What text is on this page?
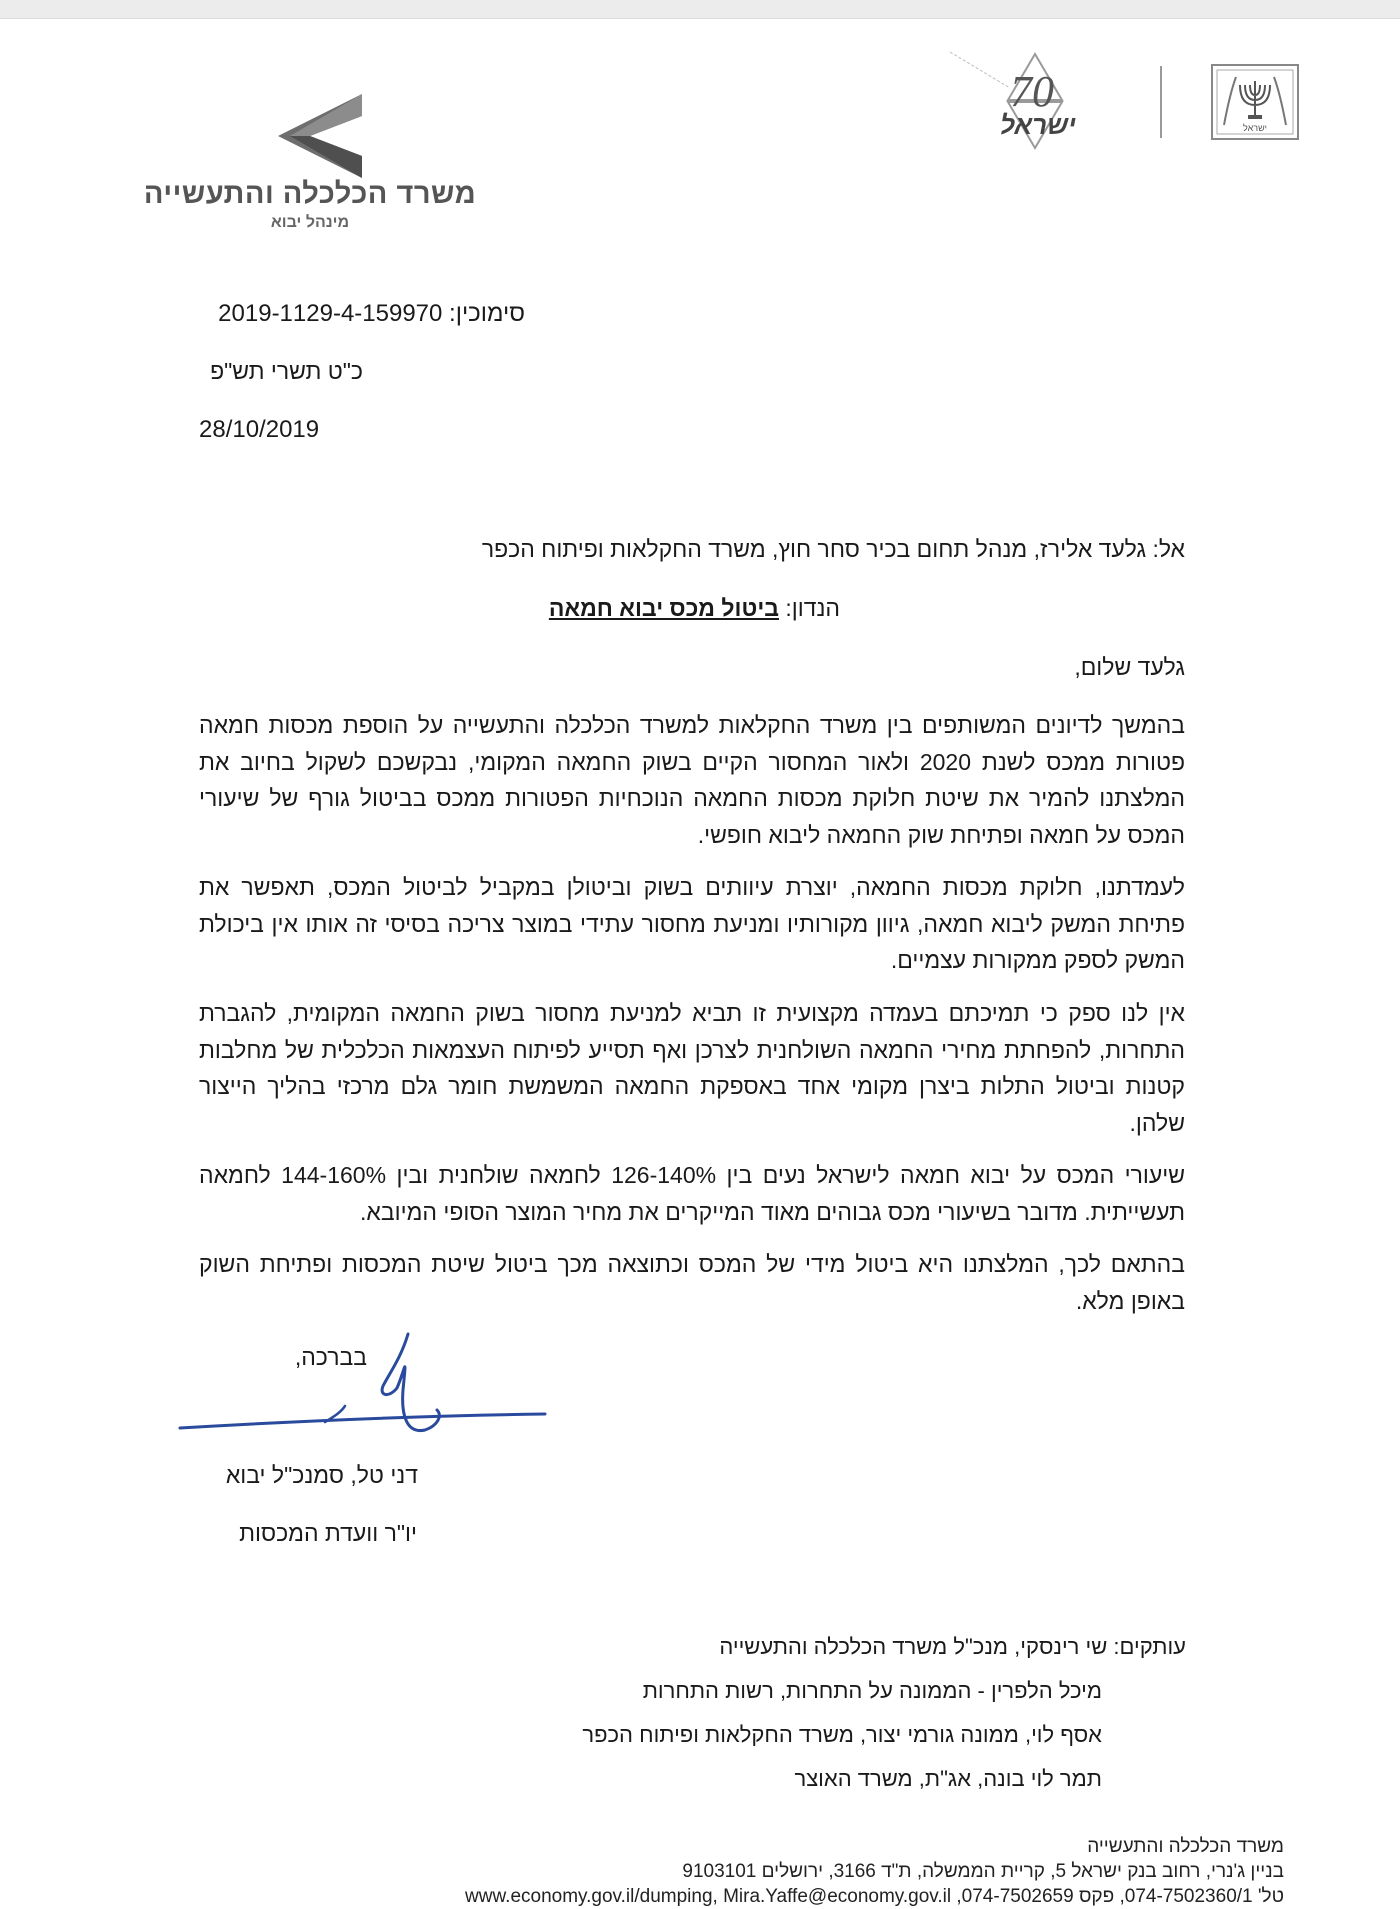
משרד הכלכלה והתעשייה
מינהל יבוא
70
ישראל	ישראל
סימוכין: 2019-1129-4-159970
כ"ט תשרי תש"פ
28/10/2019
אל: גלעד אלירז, מנהל תחום בכיר סחר חוץ, משרד החקלאות ופיתוח הכפר
הנדון: ביטול מכס יבוא חמאה
גלעד שלום,
בהמשך לדיונים המשותפים בין משרד החקלאות למשרד הכלכלה והתעשייה על הוספת מכסות חמאה פטורות ממכס לשנת 2020 ולאור המחסור הקיים בשוק החמאה המקומי, נבקשכם לשקול בחיוב את המלצתנו להמיר את שיטת חלוקת מכסות החמאה הנוכחיות הפטורות ממכס בביטול גורף של שיעורי המכס על חמאה ופתיחת שוק החמאה ליבוא חופשי.
לעמדתנו, חלוקת מכסות החמאה, יוצרת עיוותים בשוק וביטולן במקביל לביטול המכס, תאפשר את פתיחת המשק ליבוא חמאה, גיוון מקורותיו ומניעת מחסור עתידי במוצר צריכה בסיסי זה אותו אין ביכולת המשק לספק ממקורות עצמיים.
אין לנו ספק כי תמיכתם בעמדה מקצועית זו תביא למניעת מחסור בשוק החמאה המקומית, להגברת התחרות, להפחתת מחירי החמאה השולחנית לצרכן ואף תסייע לפיתוח העצמאות הכלכלית של מחלבות קטנות וביטול התלות ביצרן מקומי אחד באספקת החמאה המשמשת חומר גלם מרכזי בהליך הייצור שלהן.
שיעורי המכס על יבוא חמאה לישראל נעים בין 126-140% לחמאה שולחנית ובין 144-160% לחמאה תעשייתית. מדובר בשיעורי מכס גבוהים מאוד המייקרים את מחיר המוצר הסופי המיובא.
בהתאם לכך, המלצתנו היא ביטול מידי של המכס וכתוצאה מכך ביטול שיטת המכסות ופתיחת השוק באופן מלא.
בברכה,
דני טל, סמנכ"ל יבוא
יו"ר וועדת המכסות
עותקים: שי רינסקי, מנכ"ל משרד הכלכלה והתעשייה
מיכל הלפרין - הממונה על התחרות, רשות התחרות
אסף לוי, ממונה גורמי יצור, משרד החקלאות ופיתוח הכפר
תמר לוי בונה, אג"ת, משרד האוצר
משרד הכלכלה והתעשייה
בניין ג'נרי, רחוב בנק ישראל 5, קריית הממשלה, ת"ד 3166, ירושלים 9103101
טל' 074-7502360/1, פקס 074-7502659, www.economy.gov.il/dumping, Mira.Yaffe@economy.gov.il
